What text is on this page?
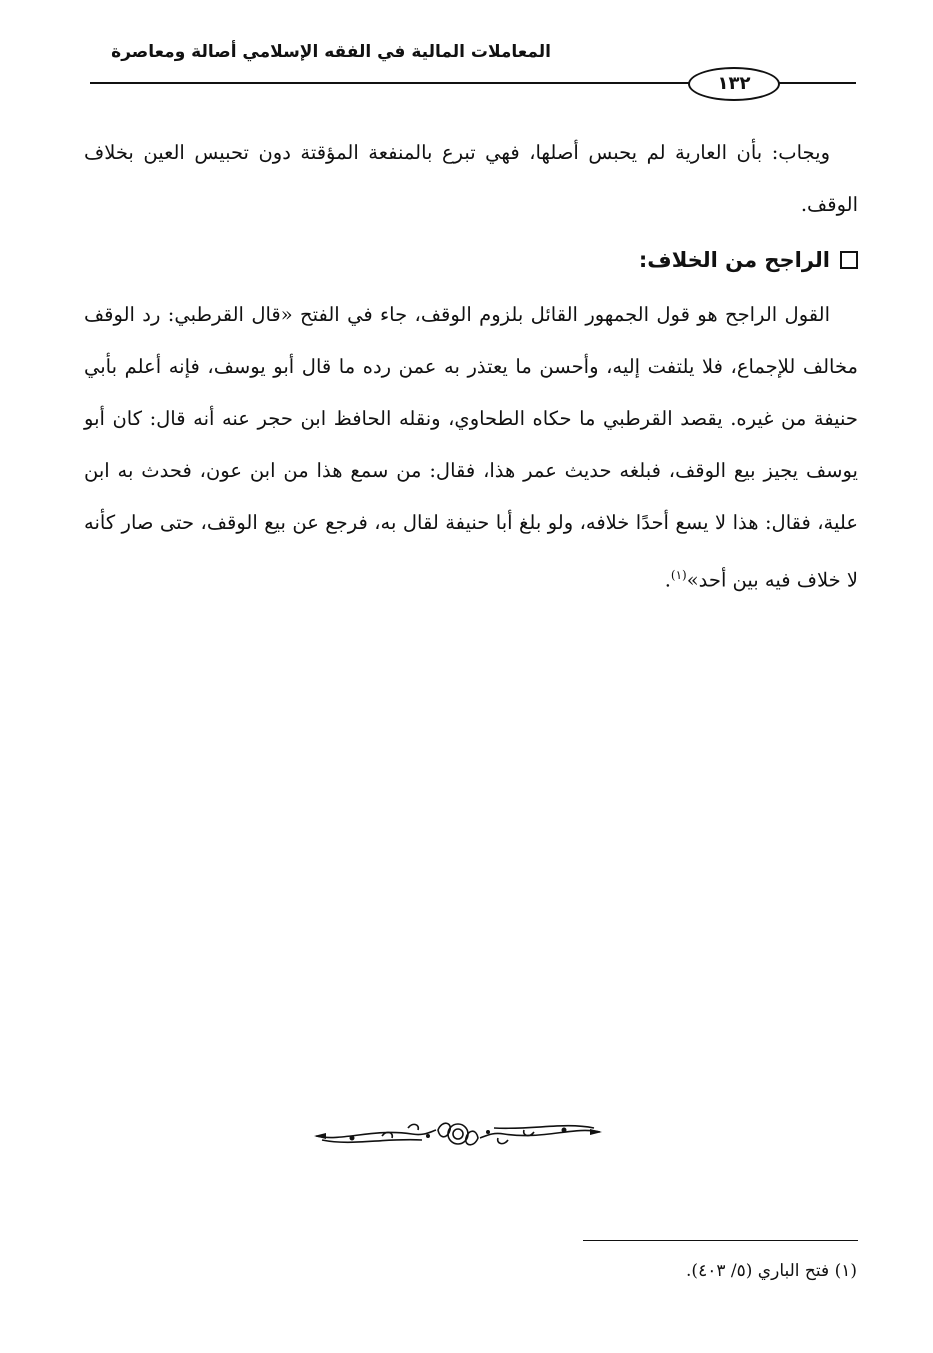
المعاملات المالية في الفقه الإسلامي أصالة ومعاصرة
١٣٢

ويجاب: بأن العارية لم يحبس أصلها، فهي تبرع بالمنفعة المؤقتة دون تحبيس العين بخلاف الوقف.

الراجح من الخلاف:

القول الراجح هو قول الجمهور القائل بلزوم الوقف، جاء في الفتح «قال القرطبي: رد الوقف مخالف للإجماع، فلا يلتفت إليه، وأحسن ما يعتذر به عمن رده ما قال أبو يوسف، فإنه أعلم بأبي حنيفة من غيره. يقصد القرطبي ما حكاه الطحاوي، ونقله الحافظ ابن حجر عنه أنه قال: كان أبو يوسف يجيز بيع الوقف، فبلغه حديث عمر هذا، فقال: من سمع هذا من ابن عون، فحدث به ابن علية، فقال: هذا لا يسع أحدًا خلافه، ولو بلغ أبا حنيفة لقال به، فرجع عن بيع الوقف، حتى صار كأنه لا خلاف فيه بين أحد»$^{(١)}$.

(١) فتح الباري (٥/ ٤٠٣).
